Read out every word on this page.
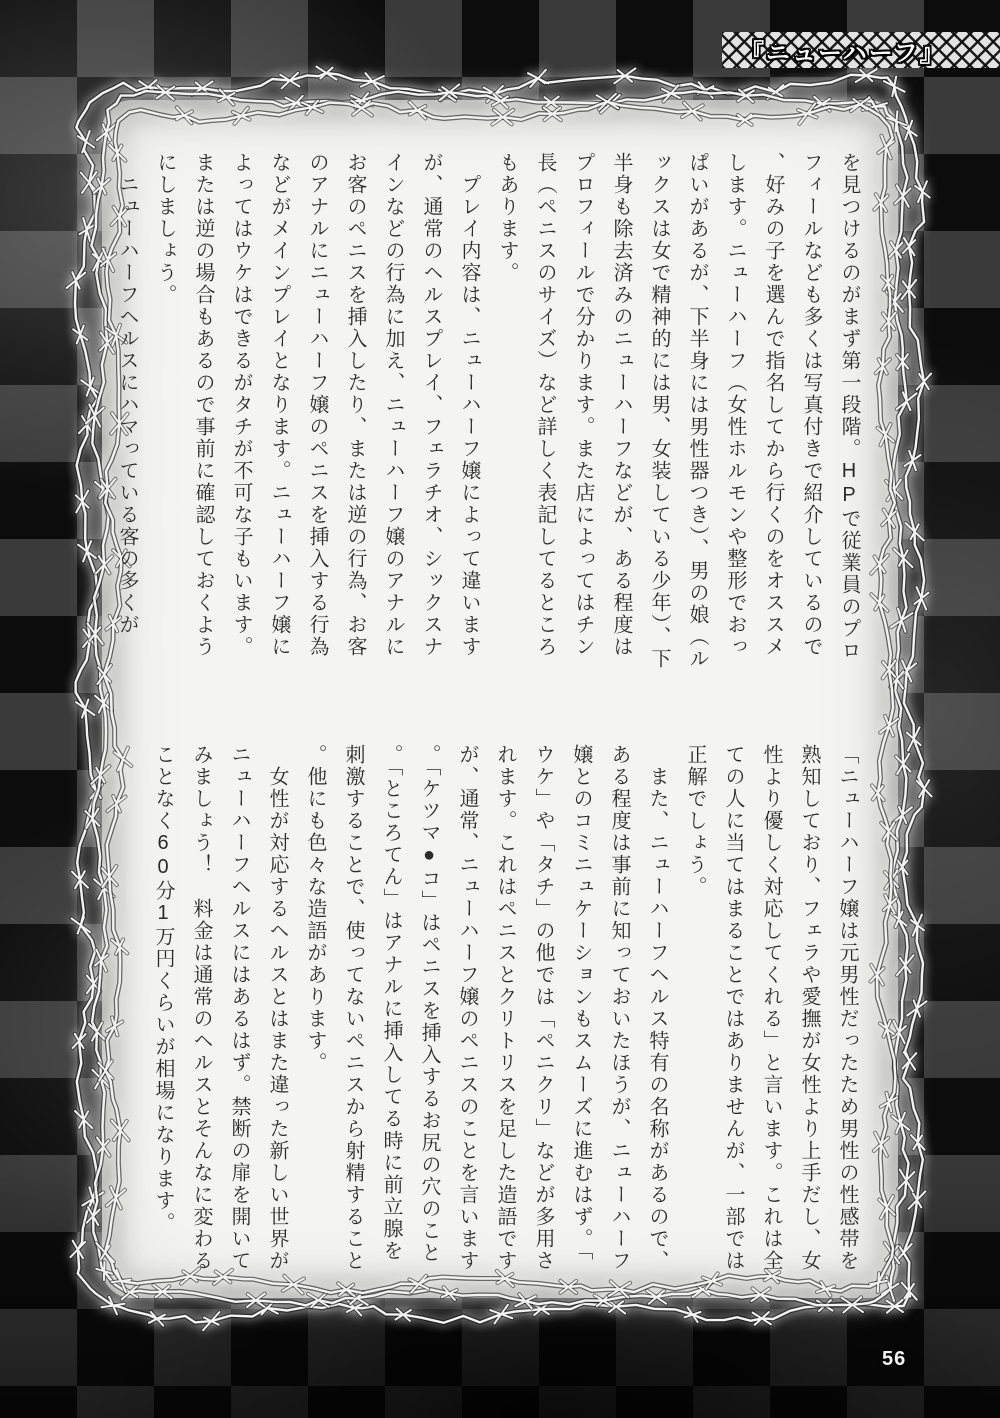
『ニューハーフ』

を見つけるのがまず第一段階。HPで従業員のプロフィールなども多くは写真付きで紹介しているので、好みの子を選んで指名してから行くのをオススメします。ニューハーフ（女性ホルモンや整形でおっぱいがあるが、下半身には男性器つき）、男の娘（ルックスは女で精神的には男、女装している少年）、下半身も除去済みのニューハーフなどが、ある程度はプロフィールで分かります。また店によってはチン長（ペニスのサイズ）など詳しく表記してるところもあります。

　プレイ内容は、ニューハーフ嬢によって違いますが、通常のヘルスプレイ、フェラチオ、シックスナインなどの行為に加え、ニューハーフ嬢のアナルにお客のペニスを挿入したり、または逆の行為、お客のアナルにニューハーフ嬢のペニスを挿入する行為などがメインプレイとなります。ニューハーフ嬢によってはウケはできるがタチが不可な子もいます。または逆の場合もあるので事前に確認しておくようにしましょう。

　ニューハーフヘルスにハマっている客の多くが

「ニューハーフ嬢は元男性だったため男性の性感帯を熟知しており、フェラや愛撫が女性より上手だし、女性より優しく対応してくれる」と言います。これは全ての人に当てはまることではありませんが、一部では正解でしょう。

　また、ニューハーフヘルス特有の名称があるので、ある程度は事前に知っておいたほうが、ニューハーフ嬢とのコミニュケーションもスムーズに進むはず。「ウケ」や「タチ」の他では「ペニクリ」などが多用されます。これはペニスとクリトリスを足した造語ですが、通常、ニューハーフ嬢のペニスのことを言います。「ケツマ●コ」はペニスを挿入するお尻の穴のこと。「ところてん」はアナルに挿入してる時に前立腺を刺激することで、使ってないペニスから射精すること。他にも色々な造語があります。

　女性が対応するヘルスとはまた違った新しい世界がニューハーフヘルスにはあるはず。禁断の扉を開いてみましょう！　料金は通常のヘルスとそんなに変わることなく60分1万円くらいが相場になります。

56
